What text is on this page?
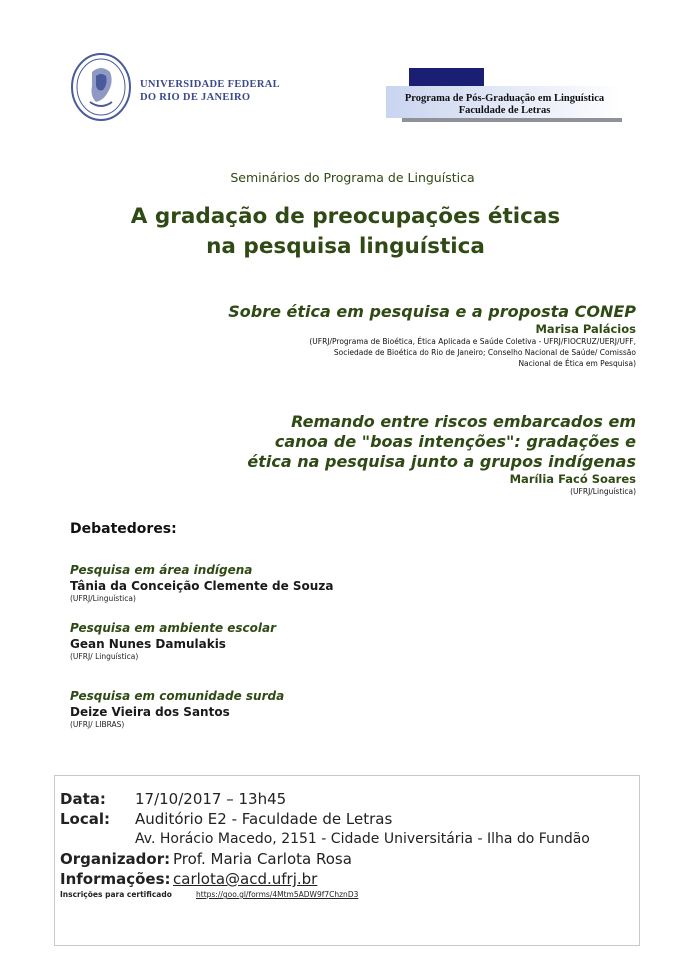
UNIVERSIDADE FEDERAL
DO RIO DE JANEIRO	Programa de Pós-Graduação em Linguística
Faculdade de Letras
Seminários do Programa de Linguística
A gradação de preocupações éticas
na pesquisa linguística
Sobre ética em pesquisa e a proposta CONEP
Marisa Palácios
(UFRJ/Programa de Bioética, Ética Aplicada e Saúde Coletiva - UFRJ/FIOCRUZ/UERJ/UFF,
Sociedade de Bioética do Rio de Janeiro; Conselho Nacional de Saúde/ Comissão
Nacional de Ética em Pesquisa)
Remando entre riscos embarcados em
canoa de "boas intenções": gradações e
ética na pesquisa junto a grupos indígenas
Marília Facó Soares
(UFRJ/Linguística)
Debatedores:
Pesquisa em área indígena
Tânia da Conceição Clemente de Souza
(UFRJ/Linguística)
Pesquisa em ambiente escolar
Gean Nunes Damulakis
(UFRJ/ Linguística)
Pesquisa em comunidade surda
Deize Vieira dos Santos
(UFRJ/ LIBRAS)
Data: 17/10/2017 – 13h45
Local: Auditório E2 - Faculdade de Letras
Av. Horácio Macedo, 2151 - Cidade Universitária - Ilha do Fundão
Organizador: Prof. Maria Carlota Rosa
Informações: carlota@acd.ufrj.br
Inscrições para certificado	https://goo.gl/forms/4Mtm5ADW9f7ChznD3
